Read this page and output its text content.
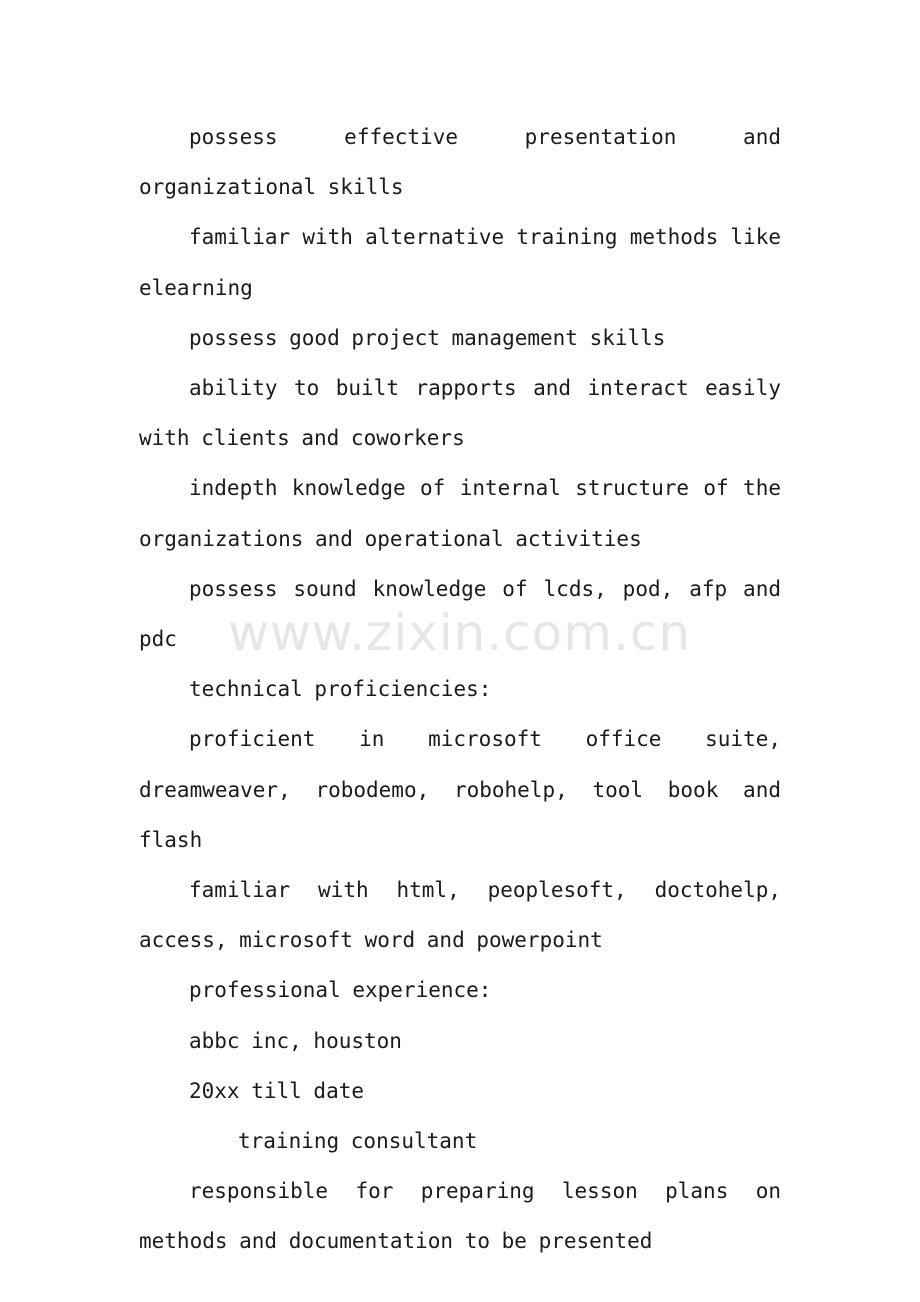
possess effective presentation and organizational skills

familiar with alternative training methods like elearning

possess good project management skills

ability to built rapports and interact easily with clients and coworkers

indepth knowledge of internal structure of the organizations and operational activities

possess sound knowledge of lcds, pod, afp and pdc

technical proficiencies:

proficient in microsoft office suite, dreamweaver, robodemo, robohelp, tool book and flash

familiar with html, peoplesoft, doctohelp, access, microsoft word and powerpoint

professional experience:

abbc inc, houston

20xx till date

training consultant

responsible for preparing lesson plans on methods and documentation to be presented

www.zixin.com.cn
